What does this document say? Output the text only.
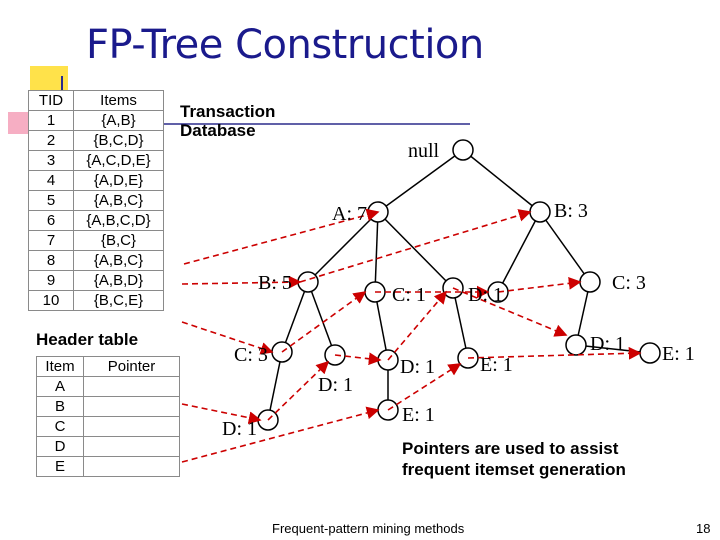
FP-Tree Construction
TID	Items
1	{A,B}
2	{B,C,D}
3	{A,C,D,E}
4	{A,D,E}
5	{A,B,C}
6	{A,B,C,D}
7	{B,C}
8	{A,B,C}
9	{A,B,D}
10	{B,C,E}
Transaction
Database
Header table
Item	Pointer
A	
B	
C	
D	
E	
null
A: 7	B: 3
B: 5
C: 1 D: 1
C: 3
C: 3
D: 1
D: 1 E: 1
D: 1 E: 1
D: 1
E: 1
Pointers are used to assist
frequent itemset generation
Frequent-pattern mining methods	18
